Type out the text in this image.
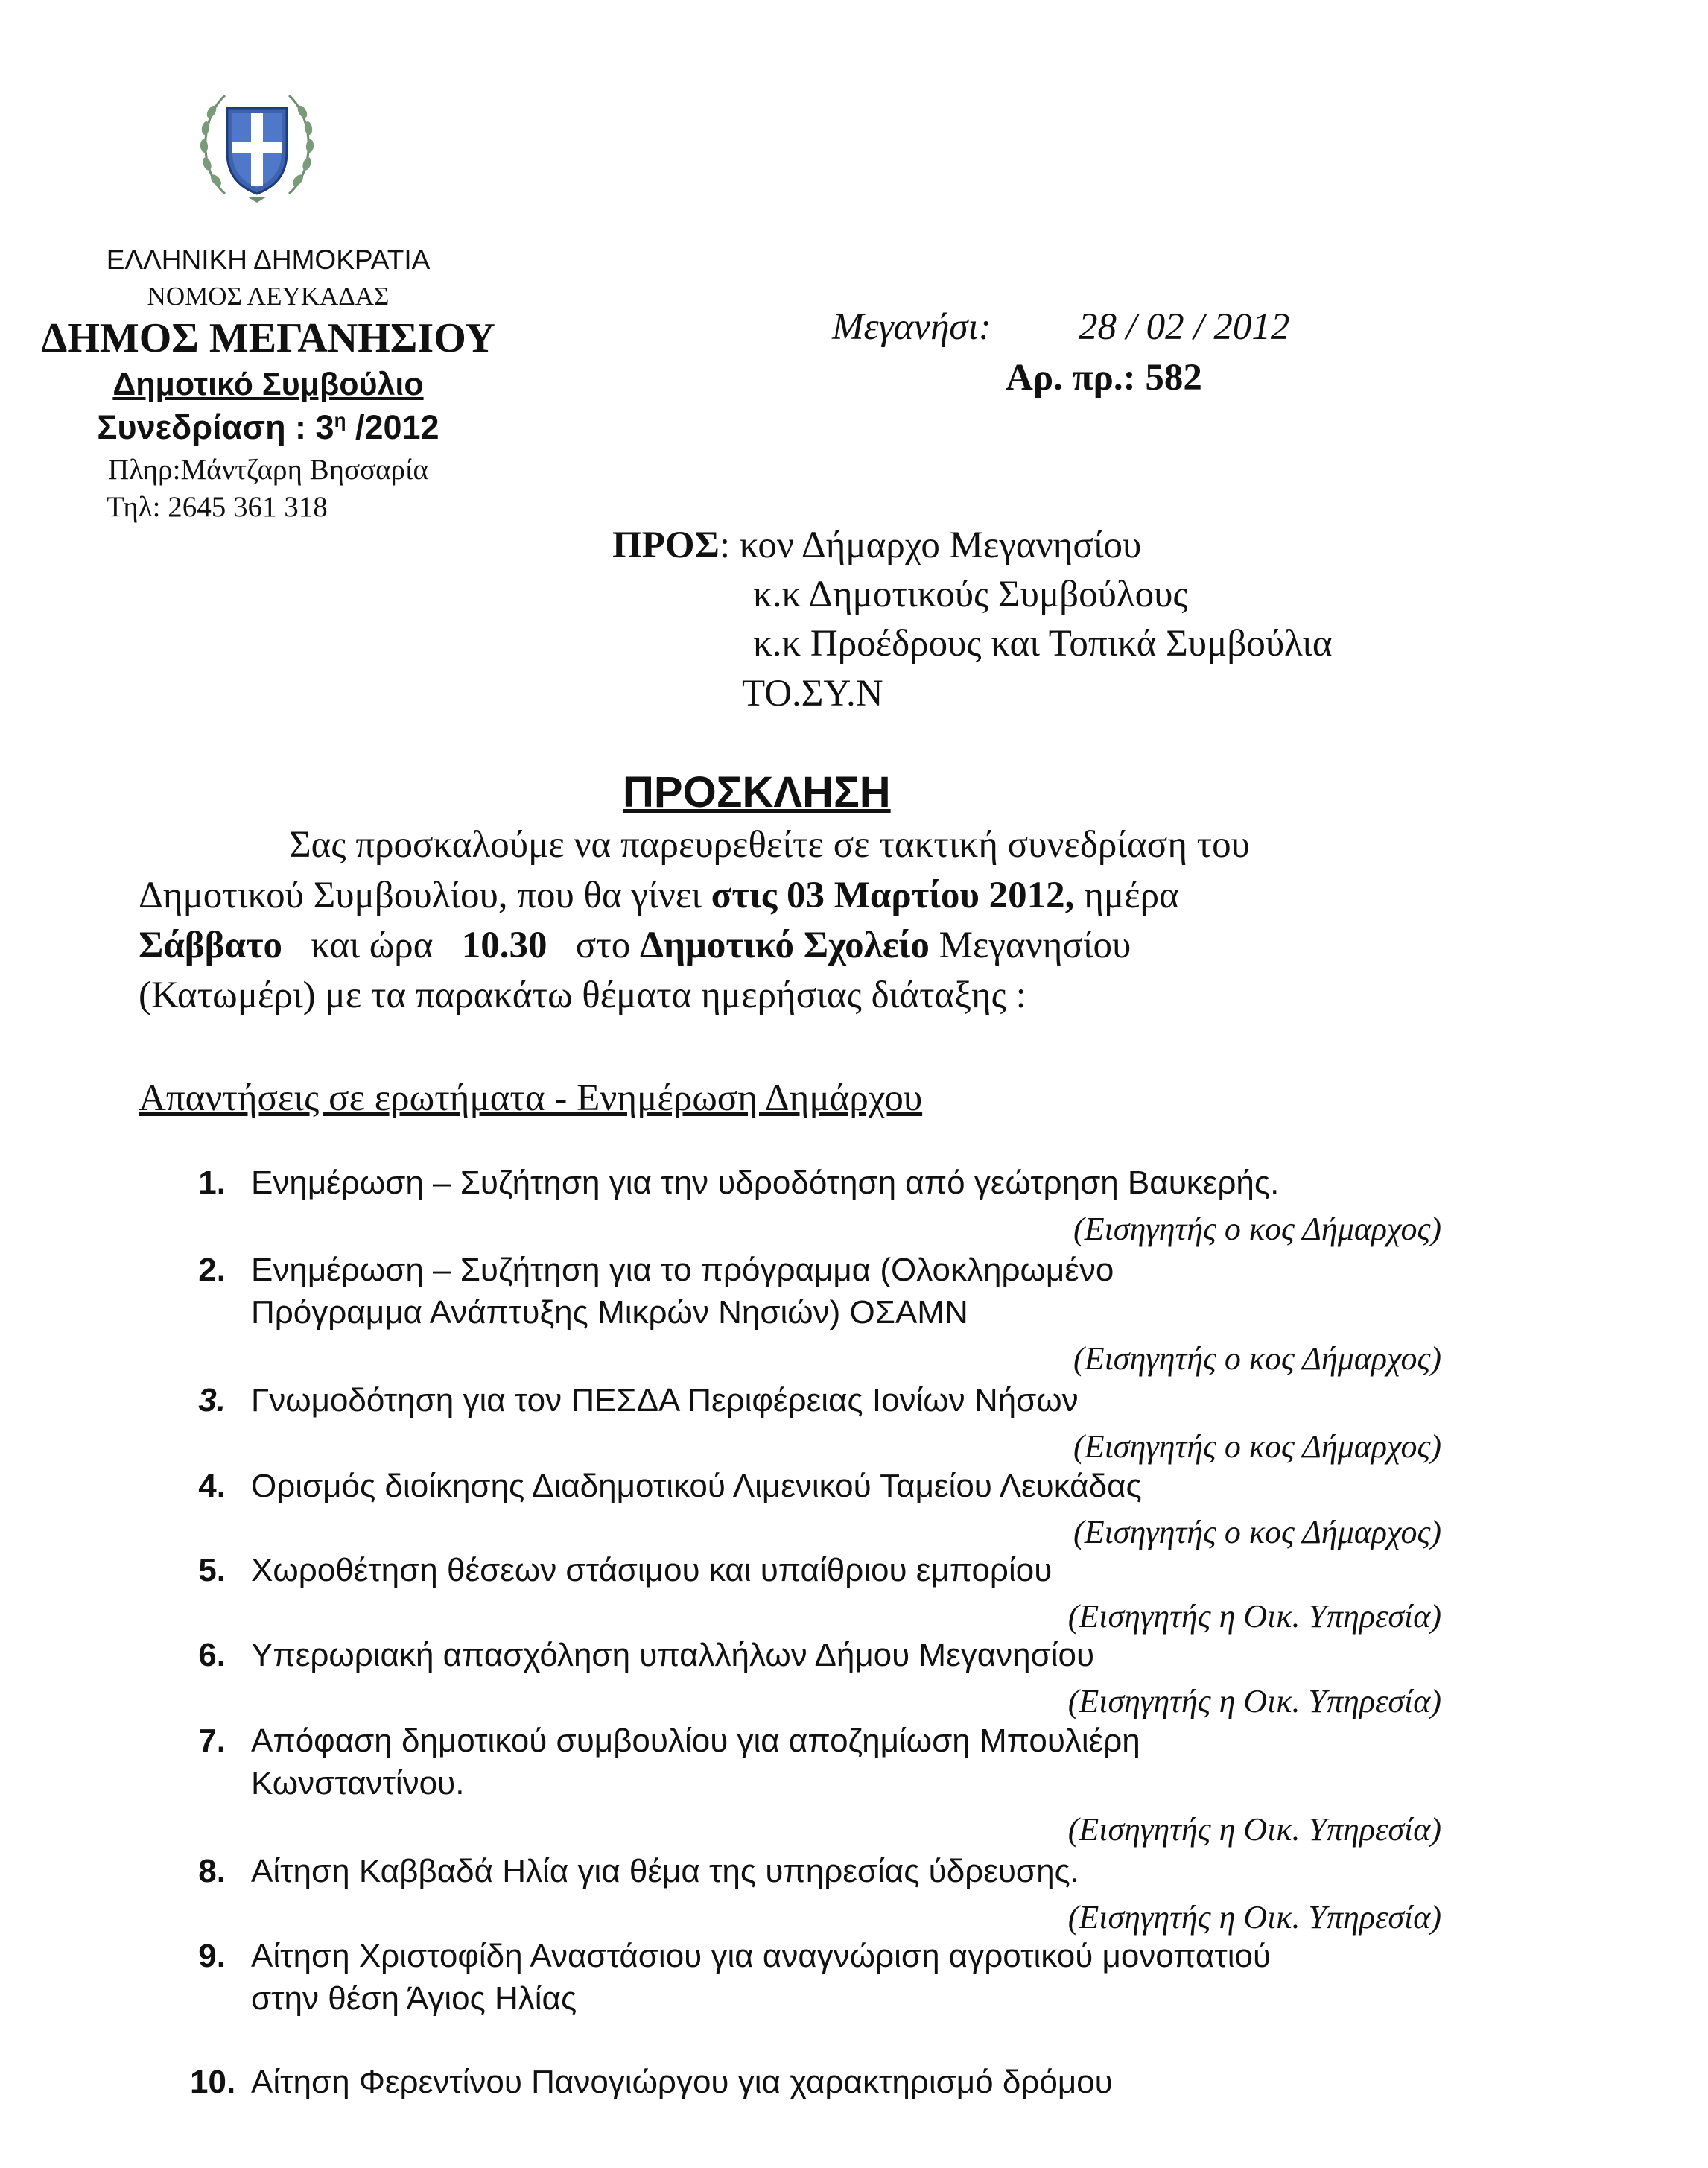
ΕΛΛΗΝΙΚΗ ΔΗΜΟΚΡΑΤΙΑ
ΝΟΜΟΣ ΛΕΥΚΑΔΑΣ
ΔΗΜΟΣ ΜΕΓΑΝΗΣΙΟΥ
Δημοτικό Συμβούλιο
Συνεδρίαση : $3^\eta$ /2012
Πληρ:Μάντζαρη Βησσαρία
Τηλ: 2645 361 318
Μεγανήσι: 28 / 02 / 2012
Αρ. πρ.: 582
ΠΡΟΣ: κον Δήμαρχο Μεγανησίου
κ.κ Δημοτικούς Συμβούλους
κ.κ Προέδρους και Τοπικά Συμβούλια
ΤΟ.ΣΥ.Ν
ΠΡΟΣΚΛΗΣΗ
Σας προσκαλούμε να παρευρεθείτε σε τακτική συνεδρίαση του
Δημοτικού Συμβουλίου, που θα γίνει στις 03 Μαρτίου 2012, ημέρα
Σάββατο   και ώρα   10.30   στο Δημοτικό Σχολείο Μεγανησίου
(Κατωμέρι) με τα παρακάτω θέματα ημερήσιας διάταξης :
Απαντήσεις σε ερωτήματα - Ενημέρωση Δημάρχου
1. Ενημέρωση – Συζήτηση για την υδροδότηση από γεώτρηση Βαυκερής.
(Εισηγητής ο κος Δήμαρχος)
2. Ενημέρωση – Συζήτηση για το πρόγραμμα (Ολοκληρωμένο
Πρόγραμμα Ανάπτυξης Μικρών Νησιών) ΟΣΑΜΝ
(Εισηγητής ο κος Δήμαρχος)
3. Γνωμοδότηση για τον ΠΕΣΔΑ Περιφέρειας Ιονίων Νήσων
(Εισηγητής ο κος Δήμαρχος)
4. Ορισμός διοίκησης Διαδημοτικού Λιμενικού Ταμείου Λευκάδας
(Εισηγητής ο κος Δήμαρχος)
5. Χωροθέτηση θέσεων στάσιμου και υπαίθριου εμπορίου
(Εισηγητής η Οικ. Υπηρεσία)
6. Υπερωριακή απασχόληση υπαλλήλων Δήμου Μεγανησίου
(Εισηγητής η Οικ. Υπηρεσία)
7. Απόφαση δημοτικού συμβουλίου για αποζημίωση Μπουλιέρη
Κωνσταντίνου.
(Εισηγητής η Οικ. Υπηρεσία)
8. Αίτηση Καββαδά Ηλία για θέμα της υπηρεσίας ύδρευσης.
(Εισηγητής η Οικ. Υπηρεσία)
9. Αίτηση Χριστοφίδη Αναστάσιου για αναγνώριση αγροτικού μονοπατιού
στην θέση Άγιος Ηλίας
10. Αίτηση Φερεντίνου Πανογιώργου για χαρακτηρισμό δρόμου
